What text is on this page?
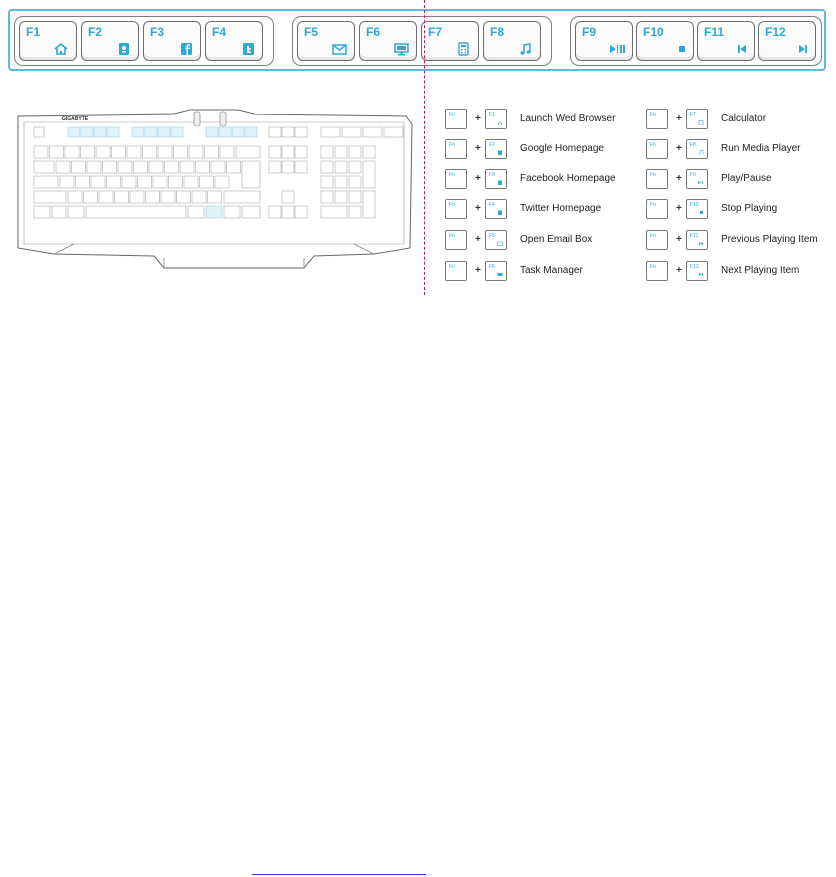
F1	F2	F3	F4	F5	F6	F7	F8	F9	F10	F11	F12
GIGABYTE
Fn + F1	Launch Wed Browser
Fn + F2	Google Homepage
Fn + F3	Facebook Homepage
Fn + F4	Twitter Homepage
Fn + F5	Open Email Box
Fn + F6	Task Manager
Fn + F7	Calculator
Fn + F8	Run Media Player
Fn + F9	Play/Pause
Fn + F10 Stop Playing
Fn + F11 Previous Playing Item
Fn + F12 Next Playing Item
